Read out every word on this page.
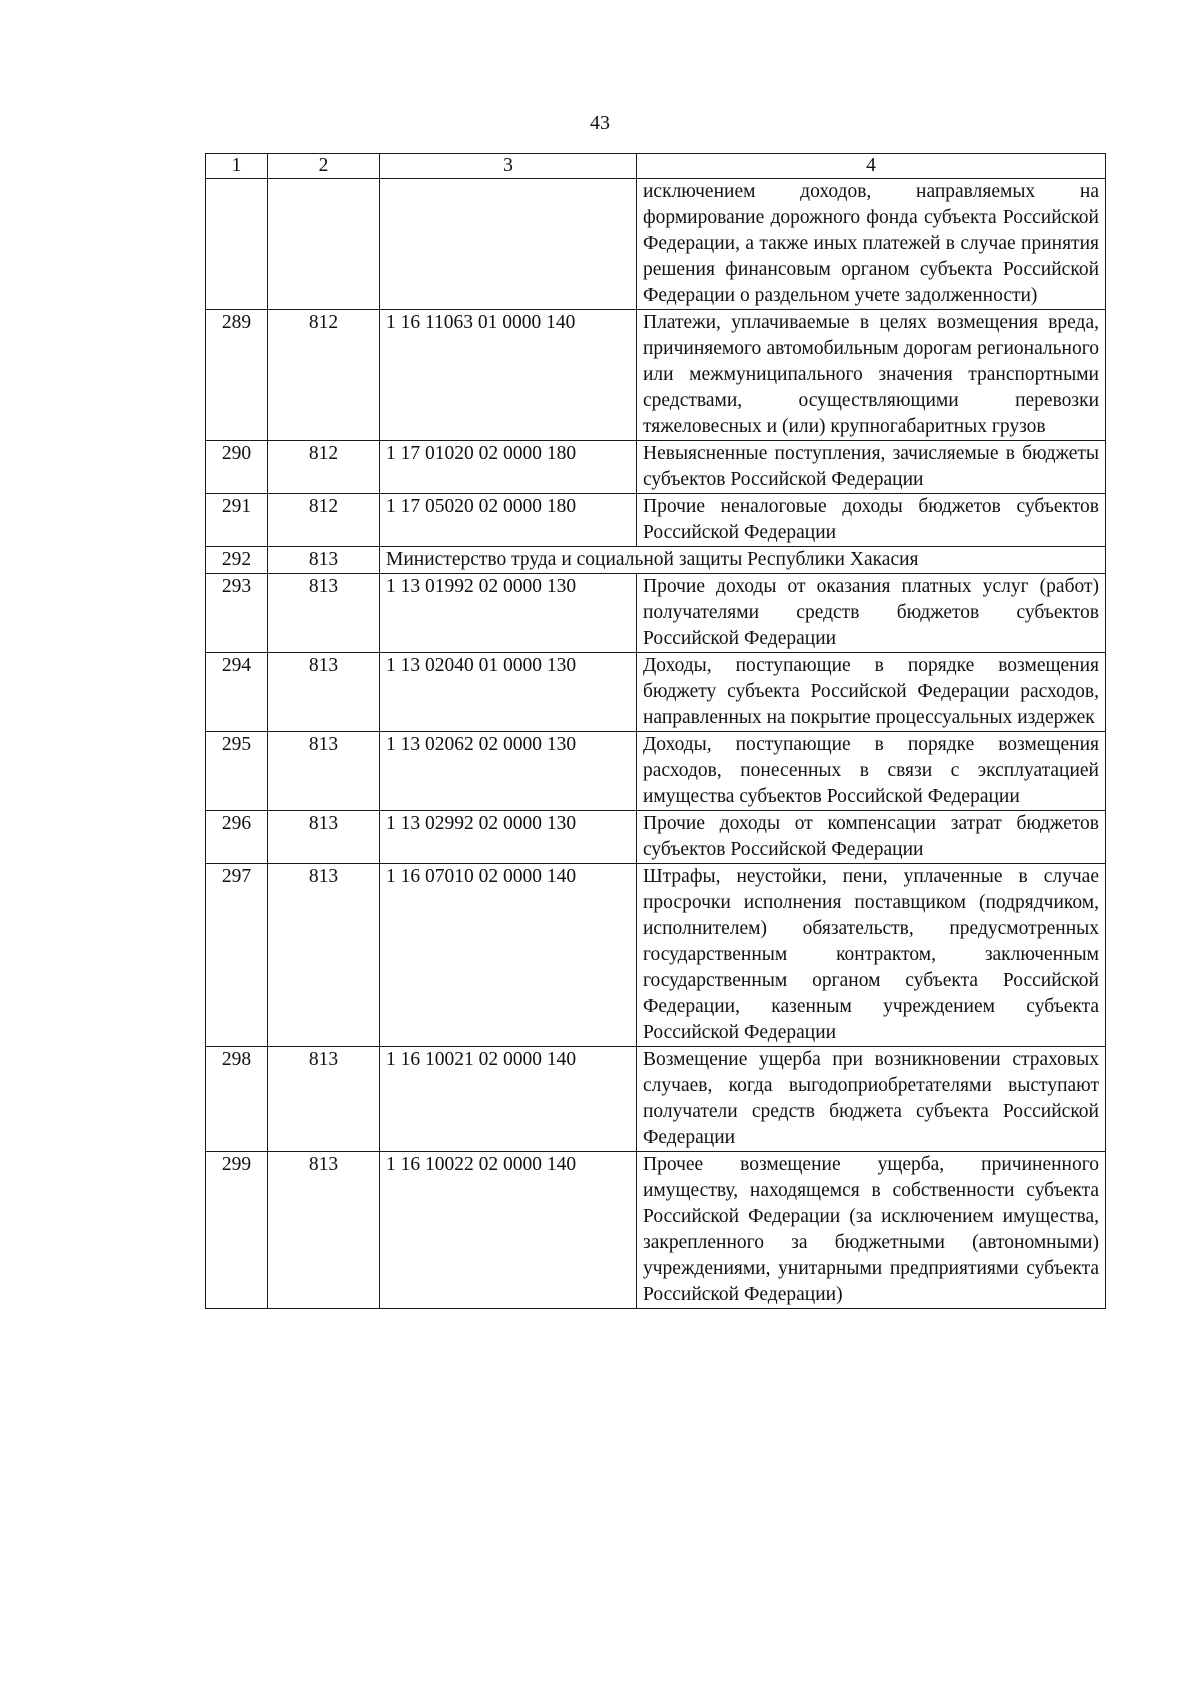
43
1	2	3	4
			исключением доходов, направляемых на формирование дорожного фонда субъекта Российской Федерации, а также иных платежей в случае принятия решения финансовым органом субъекта Российской Федерации о раздельном учете задолженности)
289	812	1 16 11063 01 0000 140	Платежи, уплачиваемые в целях возмещения вреда, причиняемого автомобильным дорогам регионального или межмуниципального значения транспортными средствами, осуществляющими перевозки тяжеловесных и (или) крупногабаритных грузов
290	812	1 17 01020 02 0000 180	Невыясненные поступления, зачисляемые в бюджеты субъектов Российской Федерации
291	812	1 17 05020 02 0000 180	Прочие неналоговые доходы бюджетов субъектов Российской Федерации
292	813	Министерство труда и социальной защиты Республики Хакасия	
293	813	1 13 01992 02 0000 130	Прочие доходы от оказания платных услуг (работ) получателями средств бюджетов субъектов Российской Федерации
294	813	1 13 02040 01 0000 130	Доходы, поступающие в порядке возмещения бюджету субъекта Российской Федерации расходов, направленных на покрытие процессуальных издержек
295	813	1 13 02062 02 0000 130	Доходы, поступающие в порядке возмещения расходов, понесенных в связи с эксплуатацией имущества субъектов Российской Федерации
296	813	1 13 02992 02 0000 130	Прочие доходы от компенсации затрат бюджетов субъектов Российской Федерации
297	813	1 16 07010 02 0000 140	Штрафы, неустойки, пени, уплаченные в случае просрочки исполнения поставщиком (подрядчиком, исполнителем) обязательств, предусмотренных государственным контрактом, заключенным государственным органом субъекта Российской Федерации, казенным учреждением субъекта Российской Федерации
298	813	1 16 10021 02 0000 140	Возмещение ущерба при возникновении страховых случаев, когда выгодоприобретателями выступают получатели средств бюджета субъекта Российской Федерации
299	813	1 16 10022 02 0000 140	Прочее возмещение ущерба, причиненного имуществу, находящемся в собственности субъекта Российской Федерации (за исключением имущества, закрепленного за бюджетными (автономными) учреждениями, унитарными предприятиями субъекта Российской Федерации)
